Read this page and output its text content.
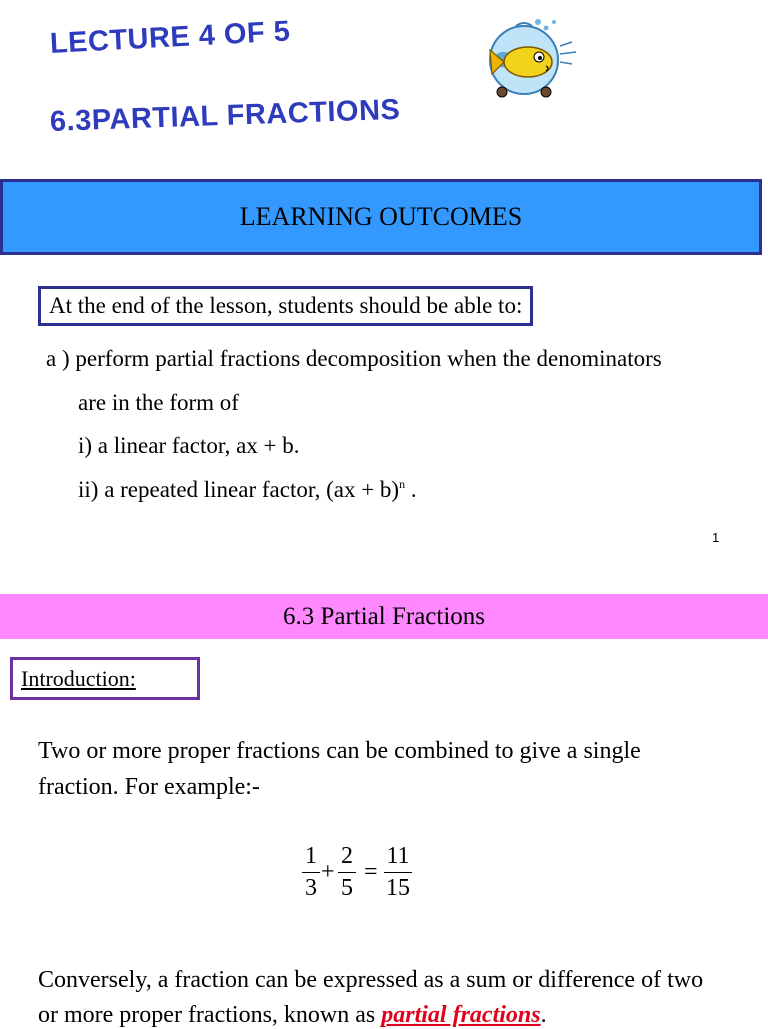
LECTURE 4 OF 5
6.3PARTIAL FRACTIONS
LEARNING OUTCOMES
At the end of the lesson, students should be able to:
a ) perform partial fractions decomposition when the denominators
are in the form of
i) a linear factor, ax + b.
ii) a repeated linear factor, (ax + b)$^n$ .
1
6.3 Partial Fractions
Introduction:
Two or more proper fractions can be combined to give a single
fraction. For example:-
1
3
+
2
5
=
11
15
Conversely, a fraction can be expressed as a sum or difference of two
or more proper fractions, known as partial fractions.
